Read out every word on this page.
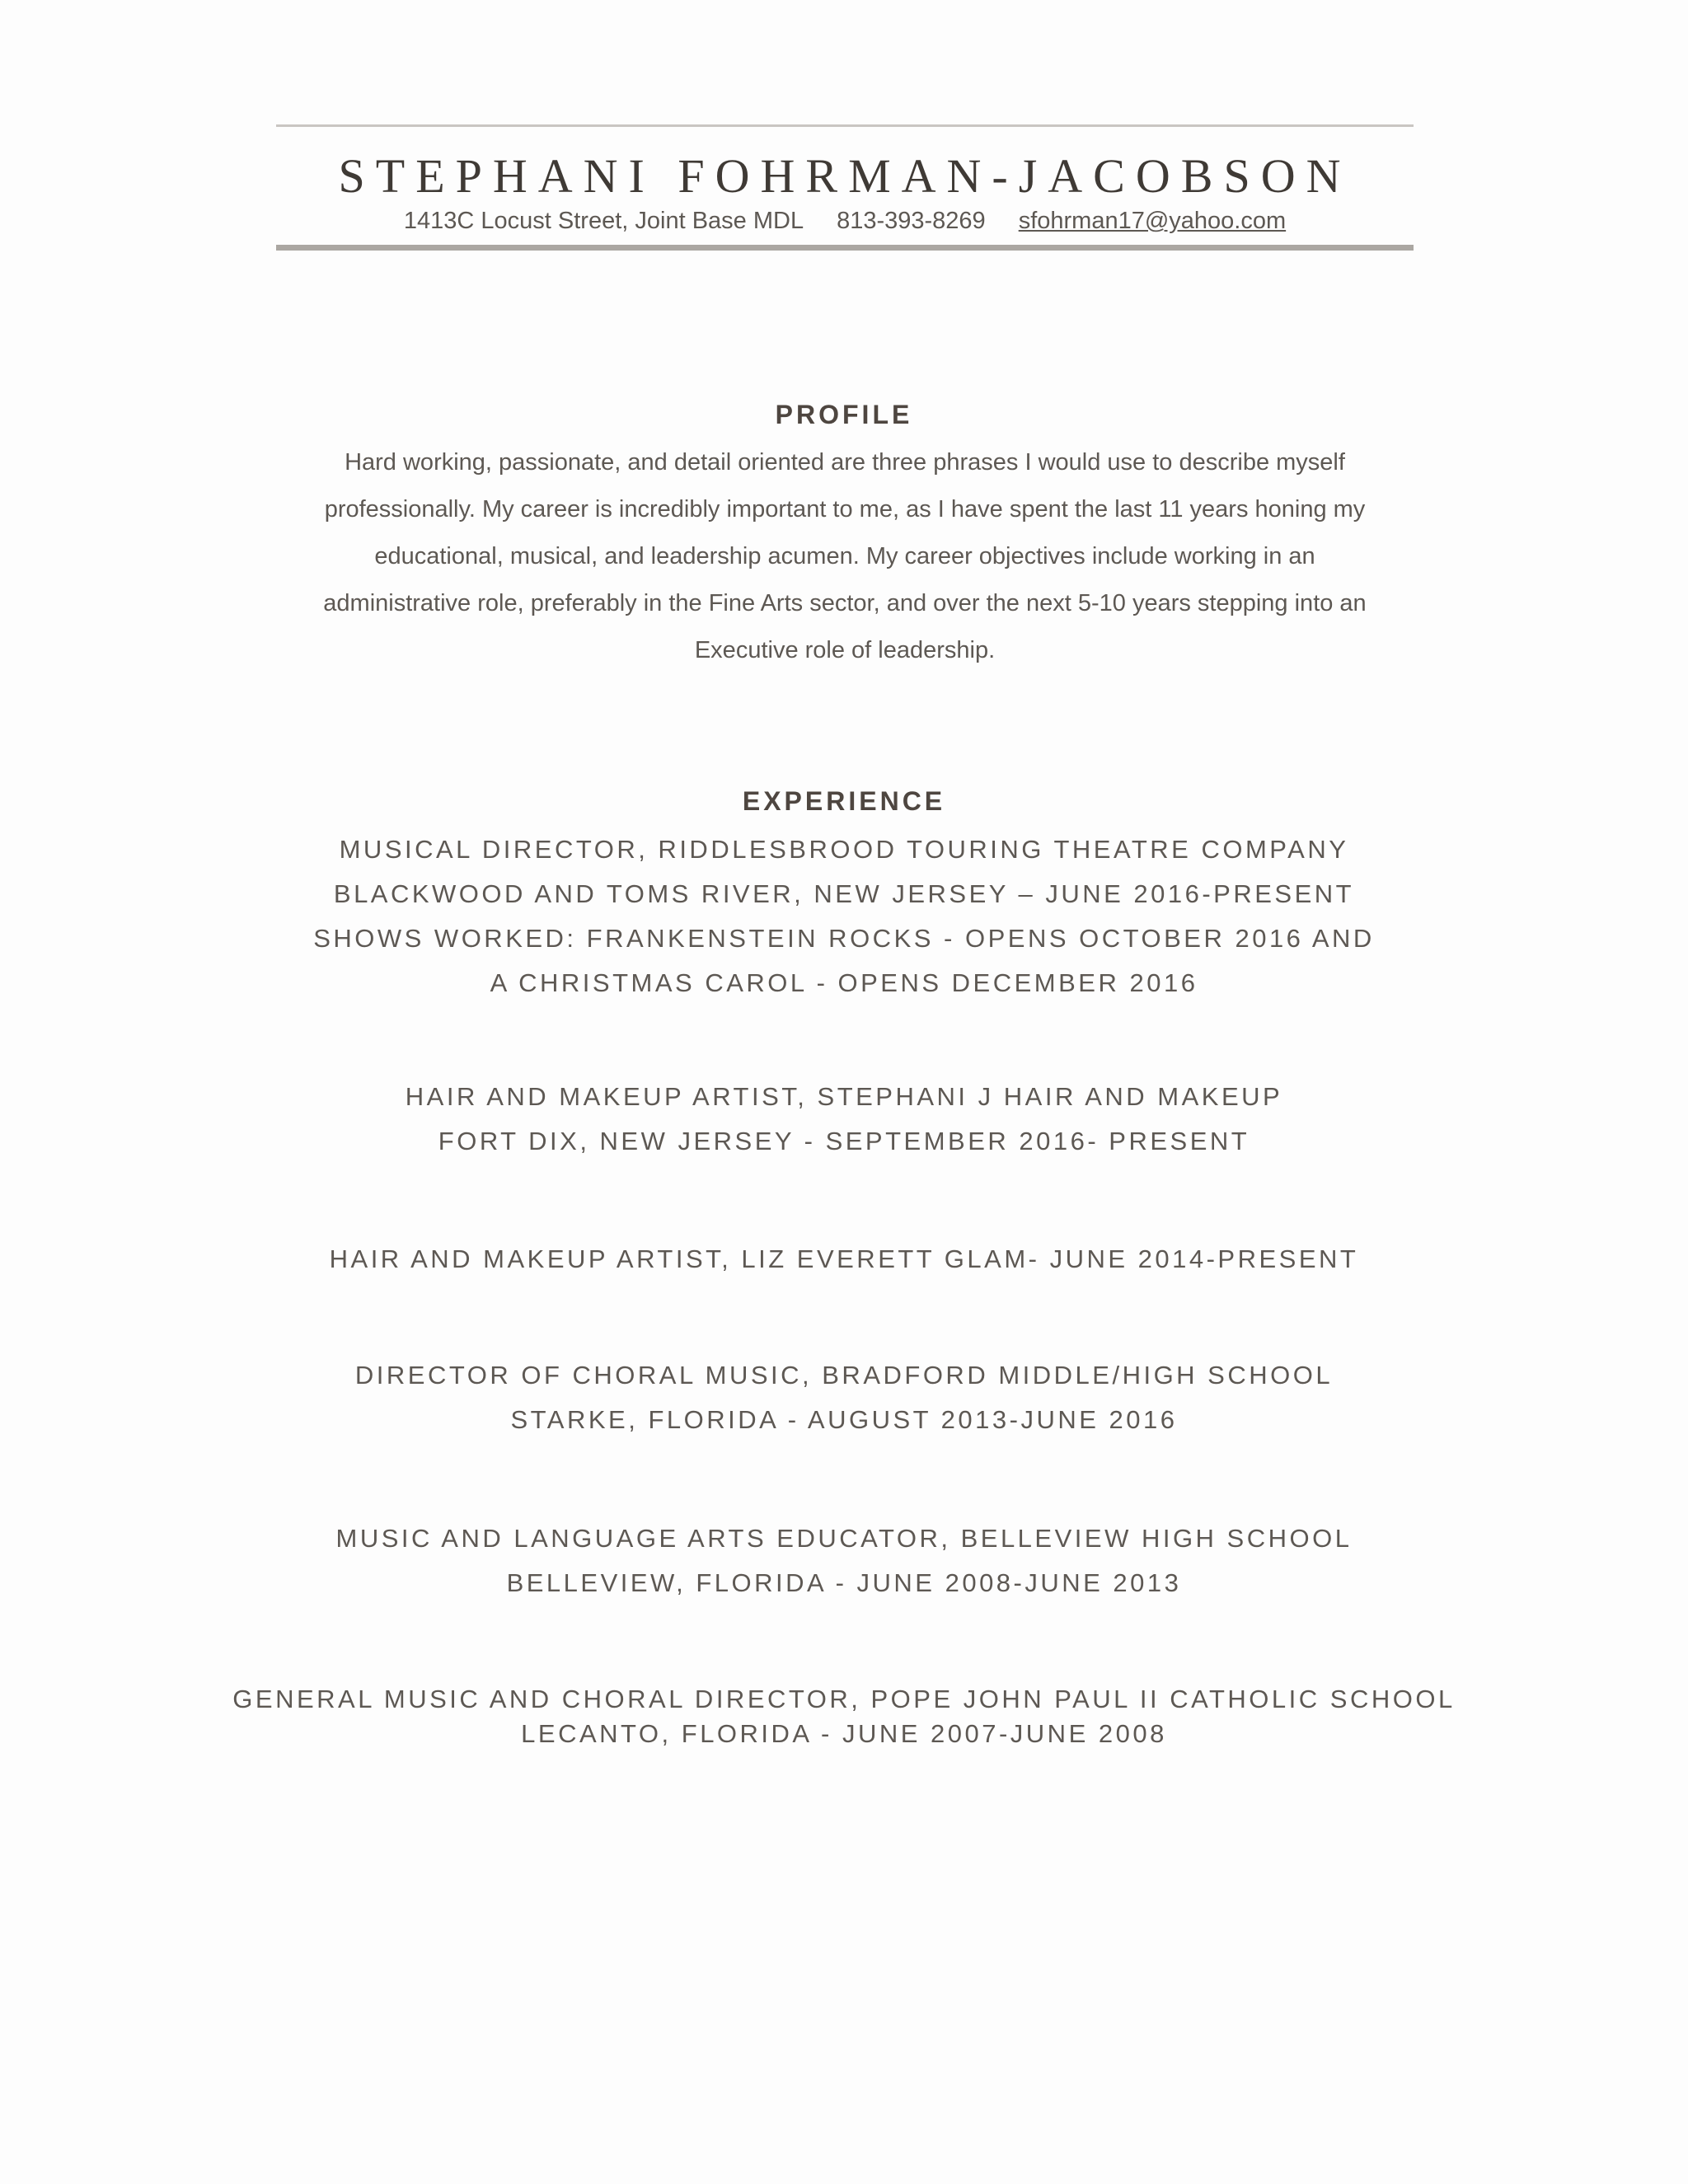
STEPHANI FOHRMAN-JACOBSON
1413C Locust Street, Joint Base MDL 813-393-8269 sfohrman17@yahoo.com
PROFILE
Hard working, passionate, and detail oriented are three phrases I would use to describe myself
professionally. My career is incredibly important to me, as I have spent the last 11 years honing my
educational, musical, and leadership acumen. My career objectives include working in an
administrative role, preferably in the Fine Arts sector, and over the next 5-10 years stepping into an
Executive role of leadership.
EXPERIENCE
MUSICAL DIRECTOR, RIDDLESBROOD TOURING THEATRE COMPANY
BLACKWOOD AND TOMS RIVER, NEW JERSEY – JUNE 2016-PRESENT
SHOWS WORKED: FRANKENSTEIN ROCKS - OPENS OCTOBER 2016 AND
A CHRISTMAS CAROL - OPENS DECEMBER 2016
HAIR AND MAKEUP ARTIST, STEPHANI J HAIR AND MAKEUP
FORT DIX, NEW JERSEY - SEPTEMBER 2016- PRESENT
HAIR AND MAKEUP ARTIST, LIZ EVERETT GLAM- JUNE 2014-PRESENT
DIRECTOR OF CHORAL MUSIC, BRADFORD MIDDLE/HIGH SCHOOL
STARKE, FLORIDA - AUGUST 2013-JUNE 2016
MUSIC AND LANGUAGE ARTS EDUCATOR, BELLEVIEW HIGH SCHOOL
BELLEVIEW, FLORIDA - JUNE 2008-JUNE 2013
GENERAL MUSIC AND CHORAL DIRECTOR, POPE JOHN PAUL II CATHOLIC SCHOOL
LECANTO, FLORIDA - JUNE 2007-JUNE 2008
